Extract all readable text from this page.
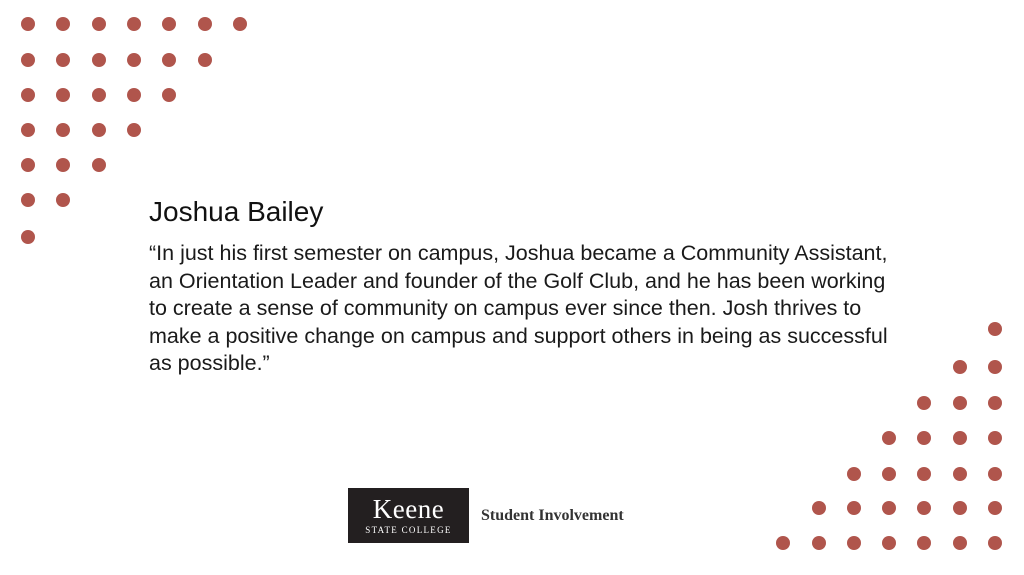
Joshua Bailey

“In just his first semester on campus, Joshua became a Community Assistant, an Orientation Leader and founder of the Golf Club, and he has been working to create a sense of community on campus ever since then. Josh thrives to make a positive change on campus and support others in being as successful as possible.”

Keene
STATE COLLEGE
Student Involvement
